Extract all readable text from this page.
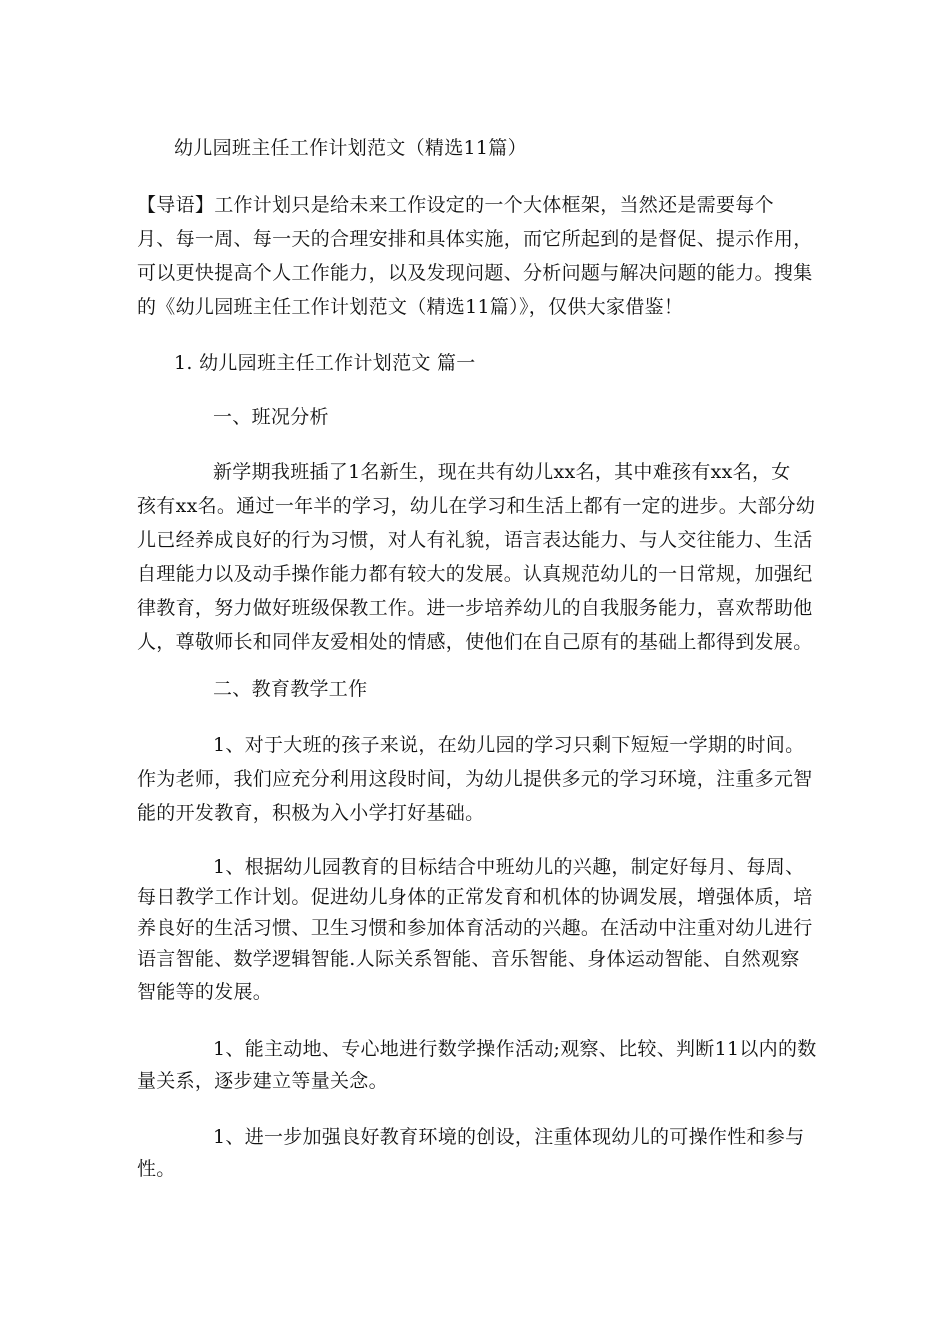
幼儿园班主任工作计划范文（精选11篇）

【导语】工作计划只是给未来工作设定的一个大体框架，当然还是需要每个

月、每一周、每一天的合理安排和具体实施，而它所起到的是督促、提示作用，

可以更快提高个人工作能力，以及发现问题、分析问题与解决问题的能力。搜集

的《幼儿园班主任工作计划范文（精选11篇）》，仅供大家借鉴！

1. 幼儿园班主任工作计划范文 篇一

一、班况分析

新学期我班插了1名新生，现在共有幼儿xx名，其中难孩有xx名，女

孩有xx名。通过一年半的学习，幼儿在学习和生活上都有一定的进步。大部分幼

儿已经养成良好的行为习惯，对人有礼貌，语言表达能力、与人交往能力、生活

自理能力以及动手操作能力都有较大的发展。认真规范幼儿的一日常规，加强纪

律教育，努力做好班级保教工作。进一步培养幼儿的自我服务能力，喜欢帮助他

人，尊敬师长和同伴友爱相处的情感，使他们在自己原有的基础上都得到发展。

二、教育教学工作

1、对于大班的孩子来说，在幼儿园的学习只剩下短短一学期的时间。

作为老师，我们应充分利用这段时间，为幼儿提供多元的学习环境，注重多元智

能的开发教育，积极为入小学打好基础。

1、根据幼儿园教育的目标结合中班幼儿的兴趣，制定好每月、每周、

每日教学工作计划。促进幼儿身体的正常发育和机体的协调发展，增强体质，培

养良好的生活习惯、卫生习惯和参加体育活动的兴趣。在活动中注重对幼儿进行

语言智能、数学逻辑智能.人际关系智能、音乐智能、身体运动智能、自然观察

智能等的发展。

1、能主动地、专心地进行数学操作活动;观察、比较、判断11以内的数

量关系，逐步建立等量关念。

1、进一步加强良好教育环境的创设，注重体现幼儿的可操作性和参与

性。
